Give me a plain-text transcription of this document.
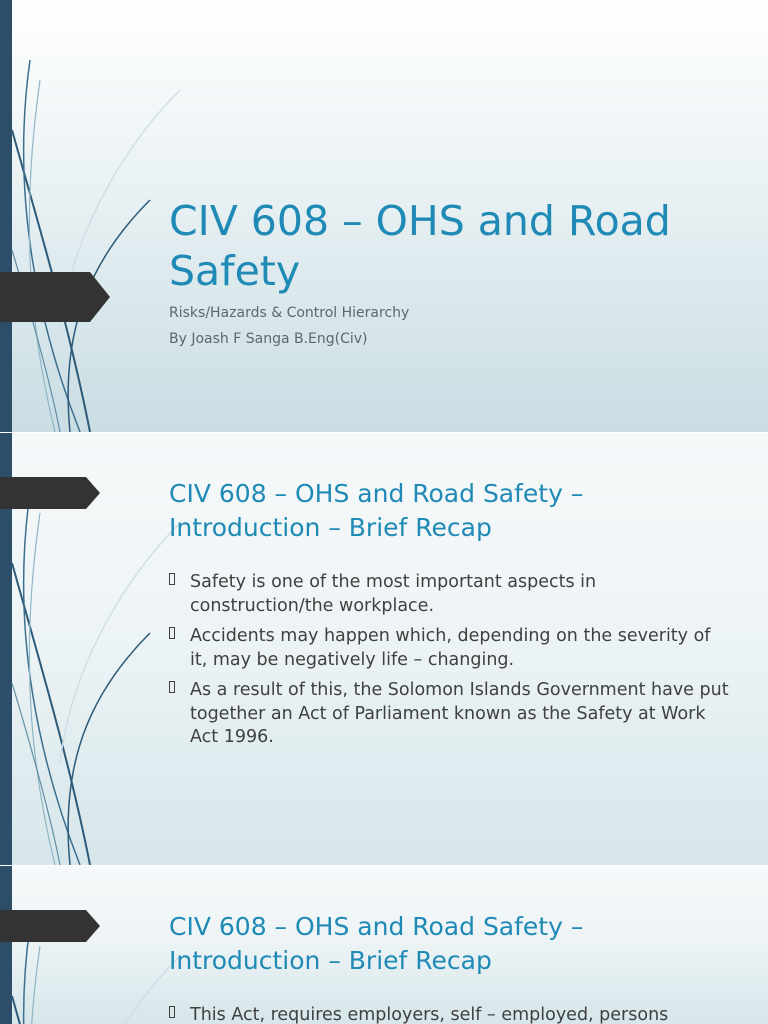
CIV 608 – OHS and Road Safety

Risks/Hazards & Control Hierarchy

By Joash F Sanga B.Eng(Civ)

CIV 608 – OHS and Road Safety – Introduction – Brief Recap
Safety is one of the most important aspects in construction/the workplace.
Accidents may happen which, depending on the severity of it, may be negatively life – changing.
As a result of this, the Solomon Islands Government have put together an Act of Parliament known as the Safety at Work Act 1996.
CIV 608 – OHS and Road Safety – Introduction – Brief Recap
This Act, requires employers, self – employed, persons
